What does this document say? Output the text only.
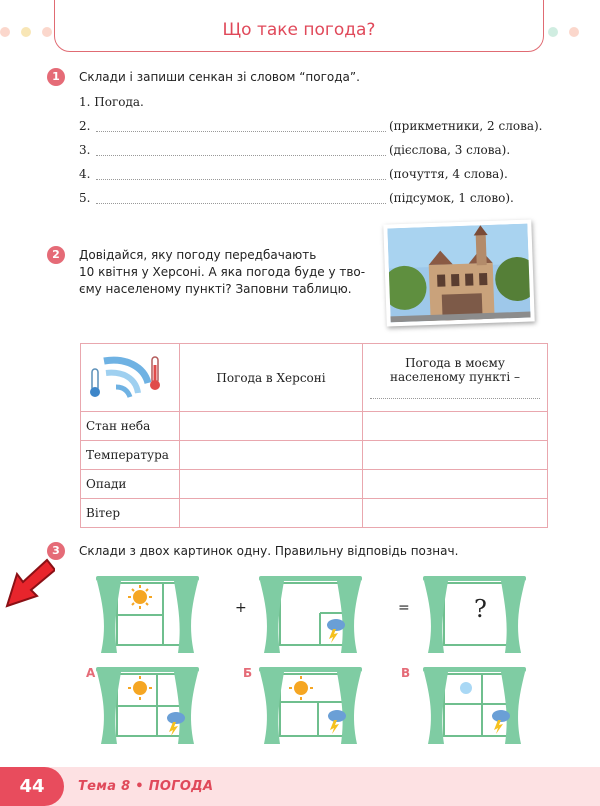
Що таке погода?
1	Склади і запиши сенкан зі словом “погода”.
1. Погода.
2.	(прикметники, 2 слова).
3.	(дієслова, 3 слова).
4.	(почуття, 4 слова).
5.	(підсумок, 1 слово).
2	Довідайся, яку погоду передбачають
10 квітня у Херсоні. А яка погода буде у тво-
єму населеному пункті? Заповни таблицю.
	Погода в Херсоні	Погода в моєму
населеному пункті –

Стан неба		
Температура		
Опади		
Вітер		
3	Склади з двох картинок одну. Правильну відповідь познач.
+	=	?
А	Б	В
44	Тема 8 • ПОГОДА
